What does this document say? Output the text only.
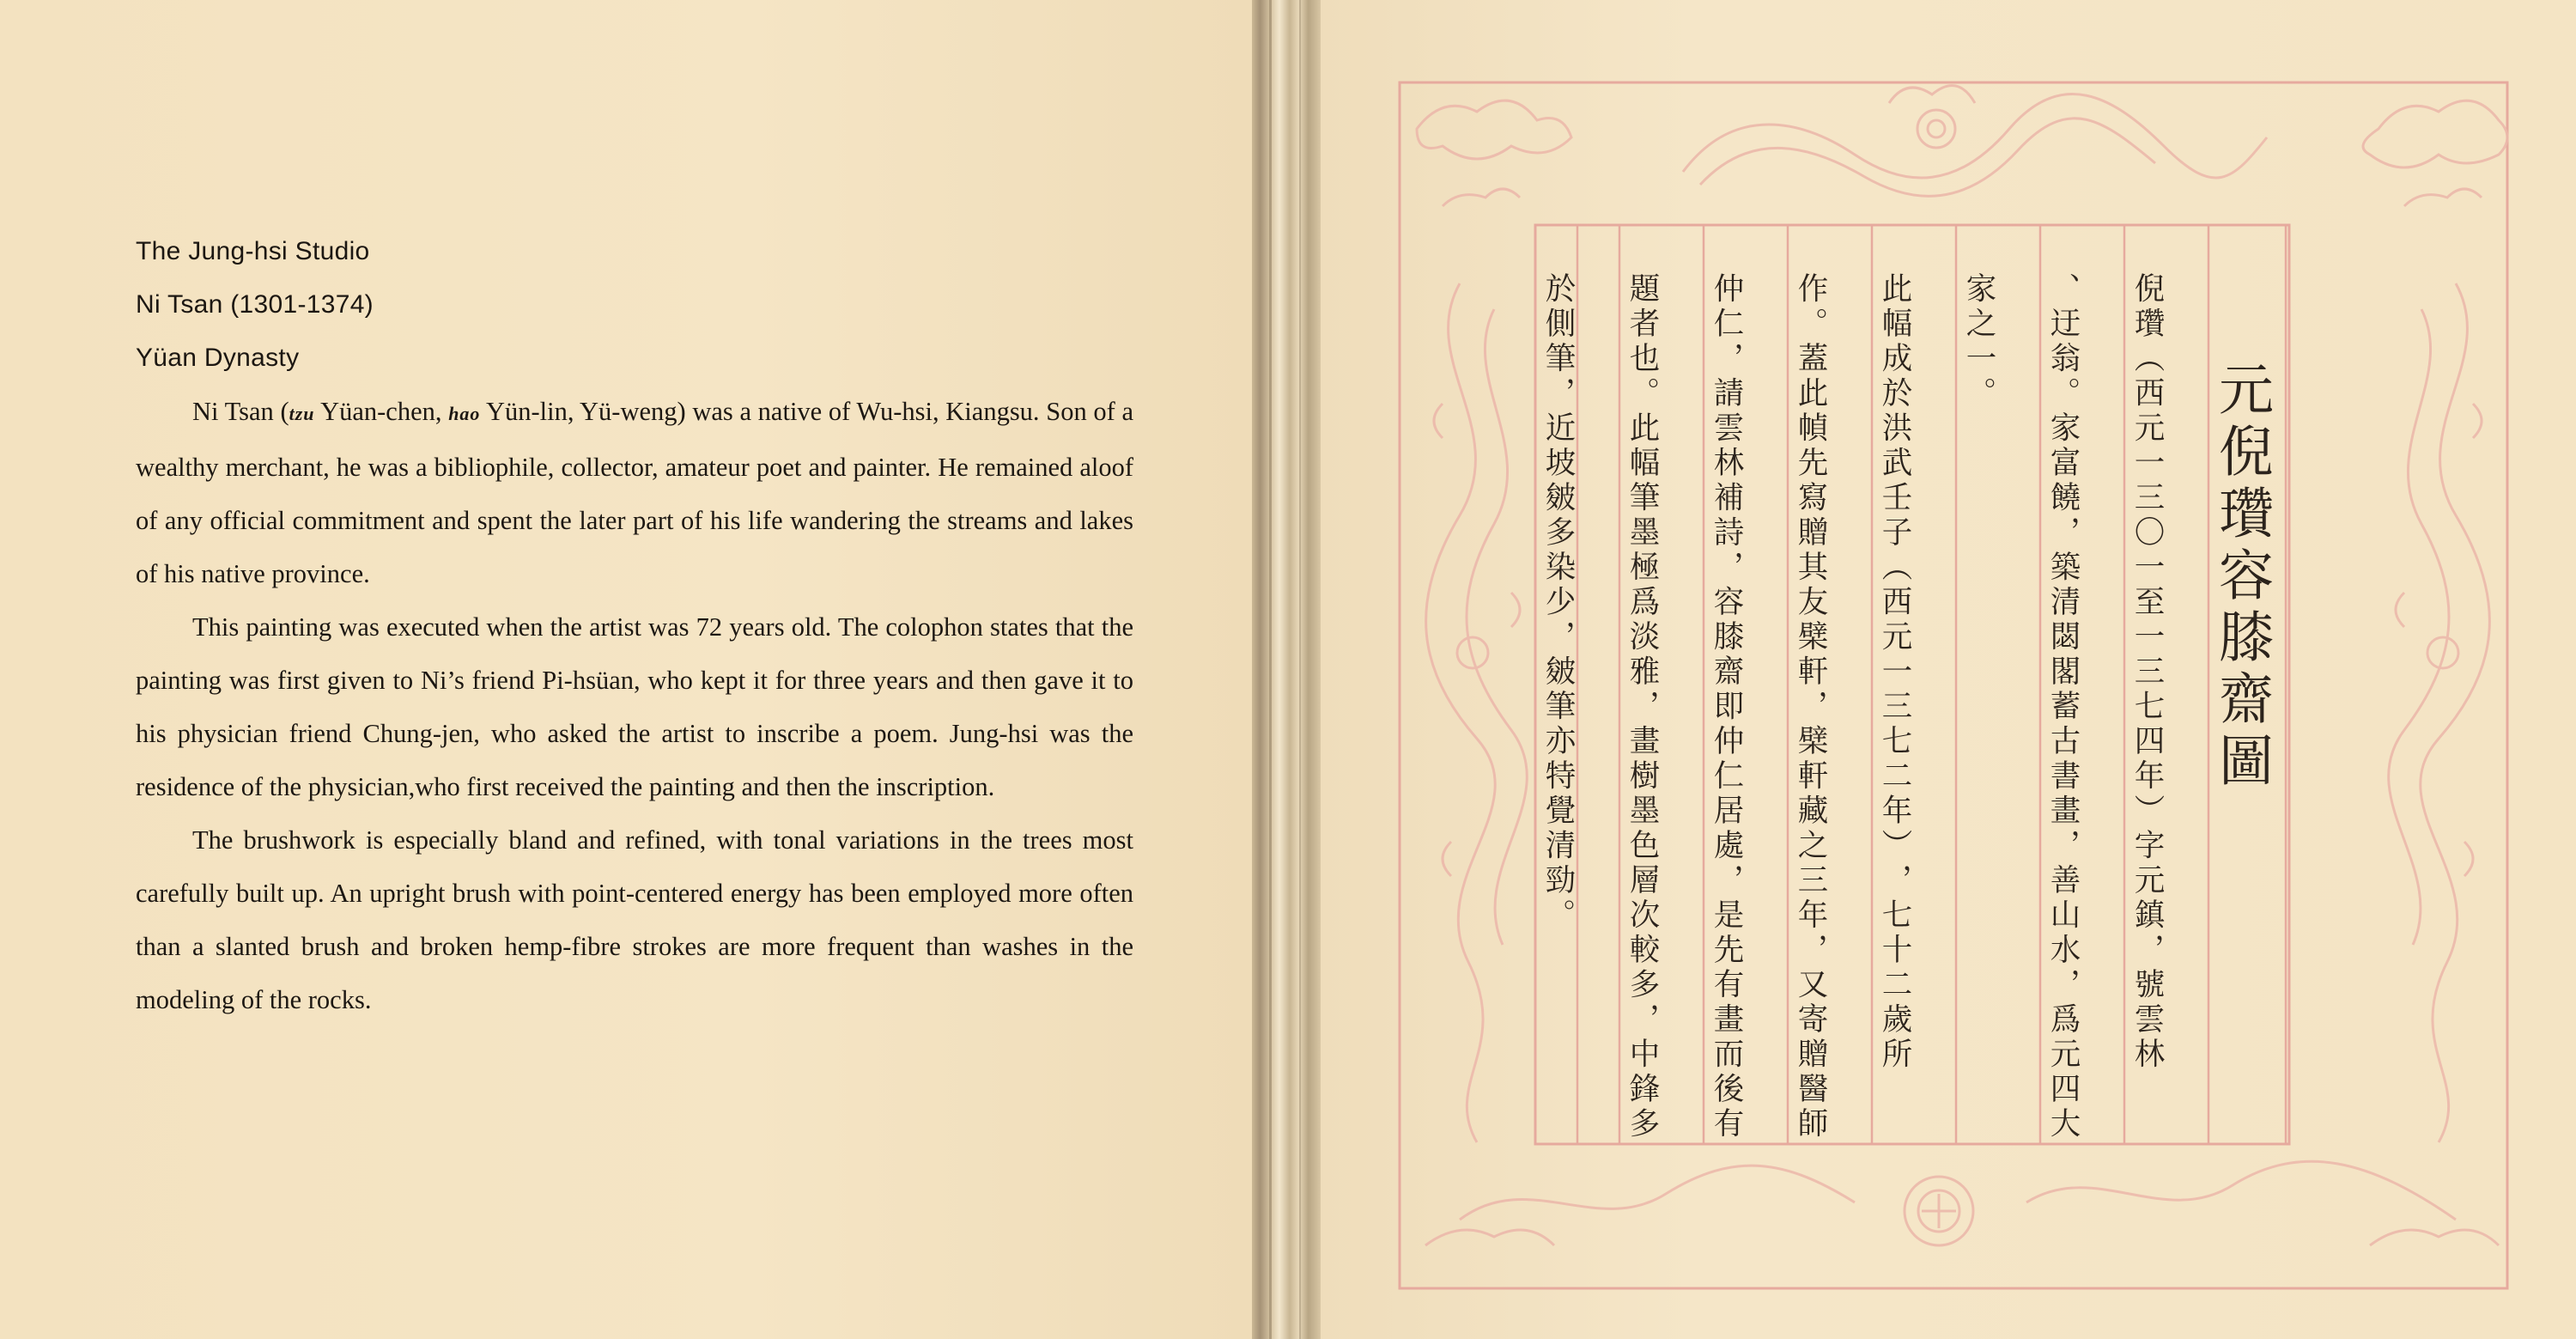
The Jung-hsi Studio

Ni Tsan (1301-1374)

Yüan Dynasty

Ni Tsan (tzu Yüan-chen, hao Yün-lin, Yü-weng) was a native of Wu-hsi, Kiangsu. Son of a wealthy merchant, he was a bibliophile, collector, amateur poet and painter. He remained aloof of any official commitment and spent the later part of his life wandering the streams and lakes of his native province.

This painting was executed when the artist was 72 years old. The colophon states that the painting was first given to Ni’s friend Pi-hsüan, who kept it for three years and then gave it to his physician friend Chung-jen, who asked the artist to inscribe a poem. Jung-hsi was the residence of the physician,who first received the painting and then the inscription.

The brushwork is especially bland and refined, with tonal variations in the trees most carefully built up. An upright brush with point-centered energy has been employed more often than a slanted brush and broken hemp-fibre strokes are more frequent than washes in the modeling of the rocks.

於側筆，近坡皴多染少，皴筆亦特覺清勁。 題者也。此幅筆墨極爲淡雅，畫樹墨色層次較多，中鋒多 仲仁，請雲林補詩，容膝齋即仲仁居處，是先有畫而後有 作。蓋此幀先寫贈其友檗軒，檗軒藏之三年，又寄贈醫師 此幅成於洪武壬子︵西元一三七二年︶，七十二歲所 家之一。 、迂翁。家富饒，築清閟閣蓄古書畫，善山水，爲元四大 倪瓚︵西元一三〇一至一三七四年︶字元鎮，號雲林 元倪瓚容膝齋圖
